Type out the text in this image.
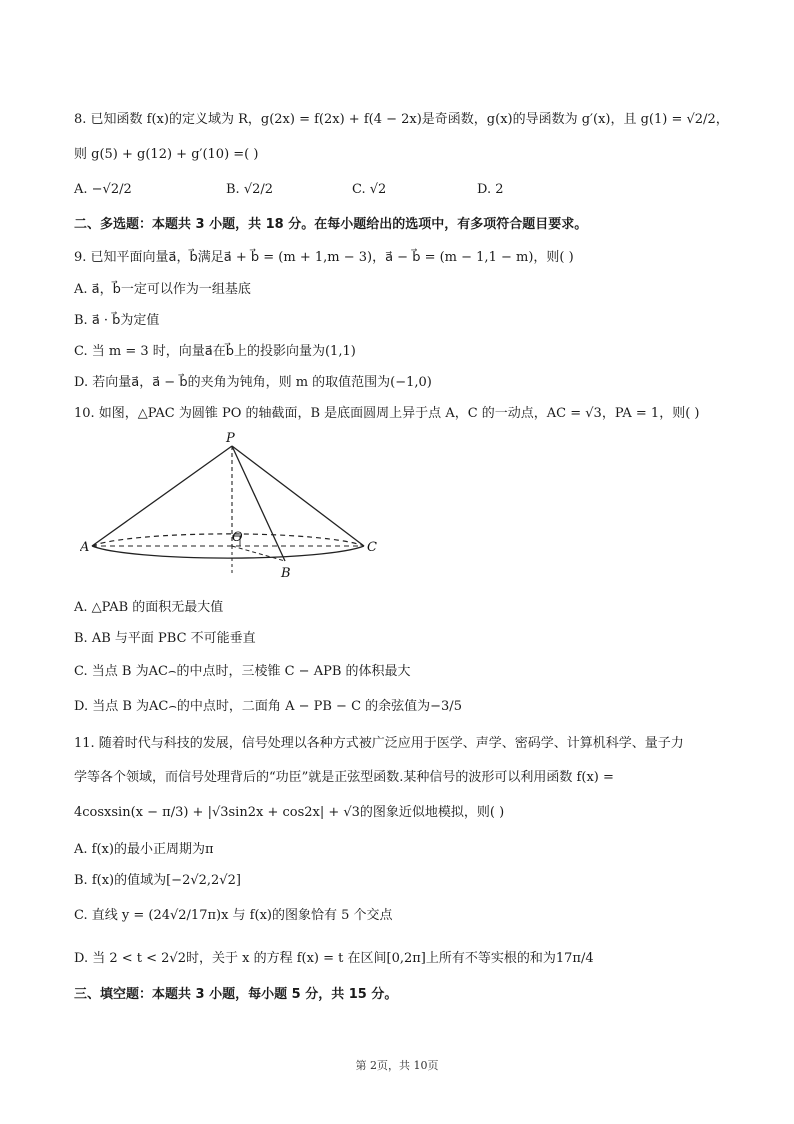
8. 已知函数 f(x)的定义域为 R，g(2x) = f(2x) + f(4 − 2x)是奇函数，g(x)的导函数为 g′(x)，且 g(1) = √2/2，
则 g(5) + g(12) + g′(10) =( )
A. −√2/2	B. √2/2	C. √2	D. 2
二、多选题：本题共 3 小题，共 18 分。在每小题给出的选项中，有多项符合题目要求。
9. 已知平面向量a⃗，b⃗满足a⃗ + b⃗ = (m + 1,m − 3)，a⃗ − b⃗ = (m − 1,1 − m)，则( )
A. a⃗，b⃗一定可以作为一组基底
B. a⃗ · b⃗为定值
C. 当 m = 3 时，向量a⃗在b⃗上的投影向量为(1,1)
D. 若向量a⃗，a⃗ − b⃗的夹角为钝角，则 m 的取值范围为(−1,0)
10. 如图，△PAC 为圆锥 PO 的轴截面，B 是底面圆周上异于点 A，C 的一动点，AC = √3，PA = 1，则( )
P
A
O
B
C
A. △PAB 的面积无最大值
B. AB 与平面 PBC 不可能垂直
C. 当点 B 为AC⌢的中点时，三棱锥 C − APB 的体积最大
D. 当点 B 为AC⌢的中点时，二面角 A − PB − C 的余弦值为−3/5
11. 随着时代与科技的发展，信号处理以各种方式被广泛应用于医学、声学、密码学、计算机科学、量子力
学等各个领域，而信号处理背后的“功臣”就是正弦型函数.某种信号的波形可以利用函数 f(x) =
4cosxsin(x − π/3) + |√3sin2x + cos2x| + √3的图象近似地模拟，则( )
A. f(x)的最小正周期为π
B. f(x)的值域为[−2√2,2√2]
C. 直线 y = (24√2/17π)x 与 f(x)的图象恰有 5 个交点
D. 当 2 < t < 2√2时，关于 x 的方程 f(x) = t 在区间[0,2π]上所有不等实根的和为17π/4
三、填空题：本题共 3 小题，每小题 5 分，共 15 分。
第 2页，共 10页
